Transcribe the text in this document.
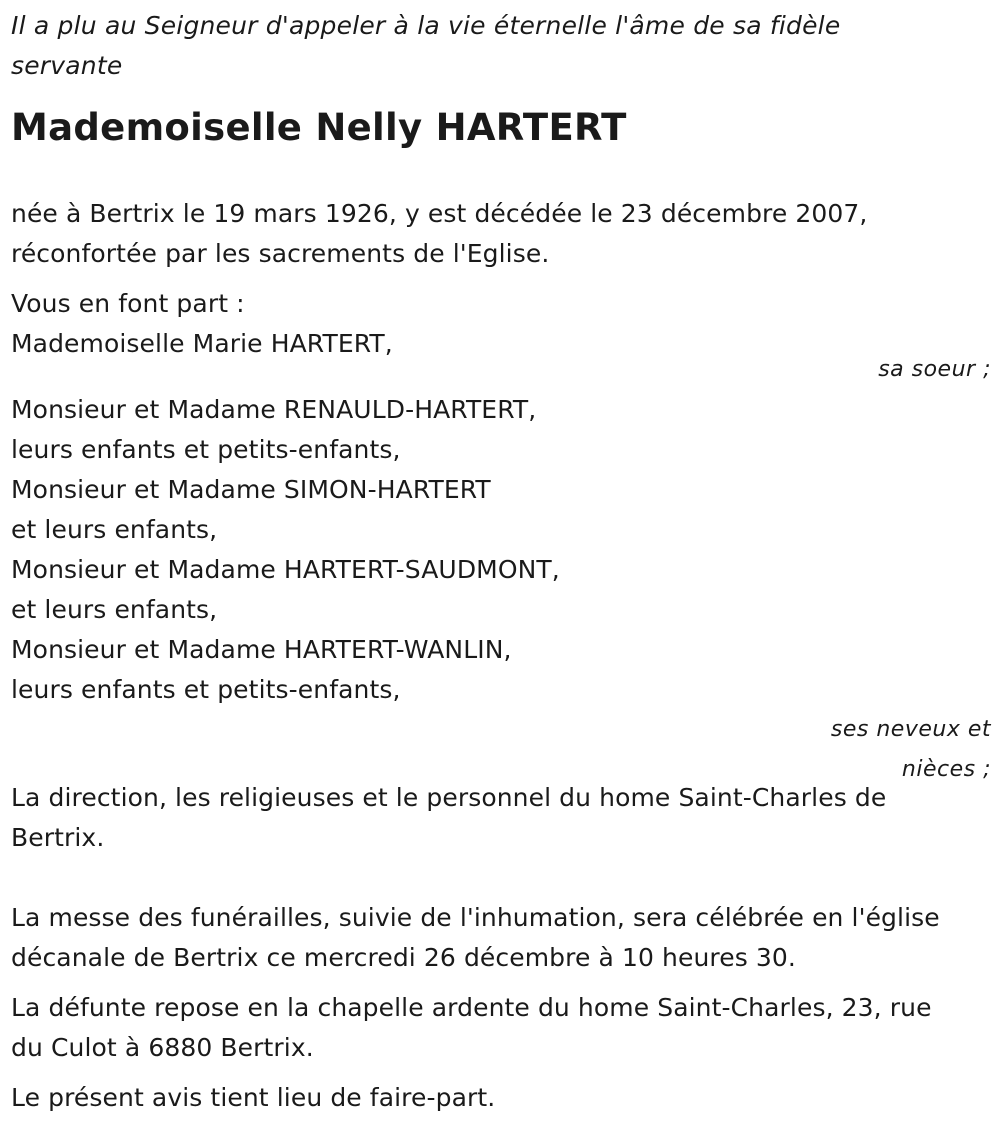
Il a plu au Seigneur d'appeler à la vie éternelle l'âme de sa fidèle
servante

Mademoiselle Nelly HARTERT

née à Bertrix le 19 mars 1926, y est décédée le 23 décembre 2007,
réconfortée par les sacrements de l'Eglise.

Vous en font part :
Mademoiselle Marie HARTERT,

sa soeur ;

Monsieur et Madame RENAULD-HARTERT,
leurs enfants et petits-enfants,
Monsieur et Madame SIMON-HARTERT
et leurs enfants,
Monsieur et Madame HARTERT-SAUDMONT,
et leurs enfants,
Monsieur et Madame HARTERT-WANLIN,
leurs enfants et petits-enfants,

ses neveux et
nièces ;

La direction, les religieuses et le personnel du home Saint-Charles de
Bertrix.

La messe des funérailles, suivie de l'inhumation, sera célébrée en l'église
décanale de Bertrix ce mercredi 26 décembre à 10 heures 30.

La défunte repose en la chapelle ardente du home Saint-Charles, 23, rue
du Culot à 6880 Bertrix.

Le présent avis tient lieu de faire-part.
